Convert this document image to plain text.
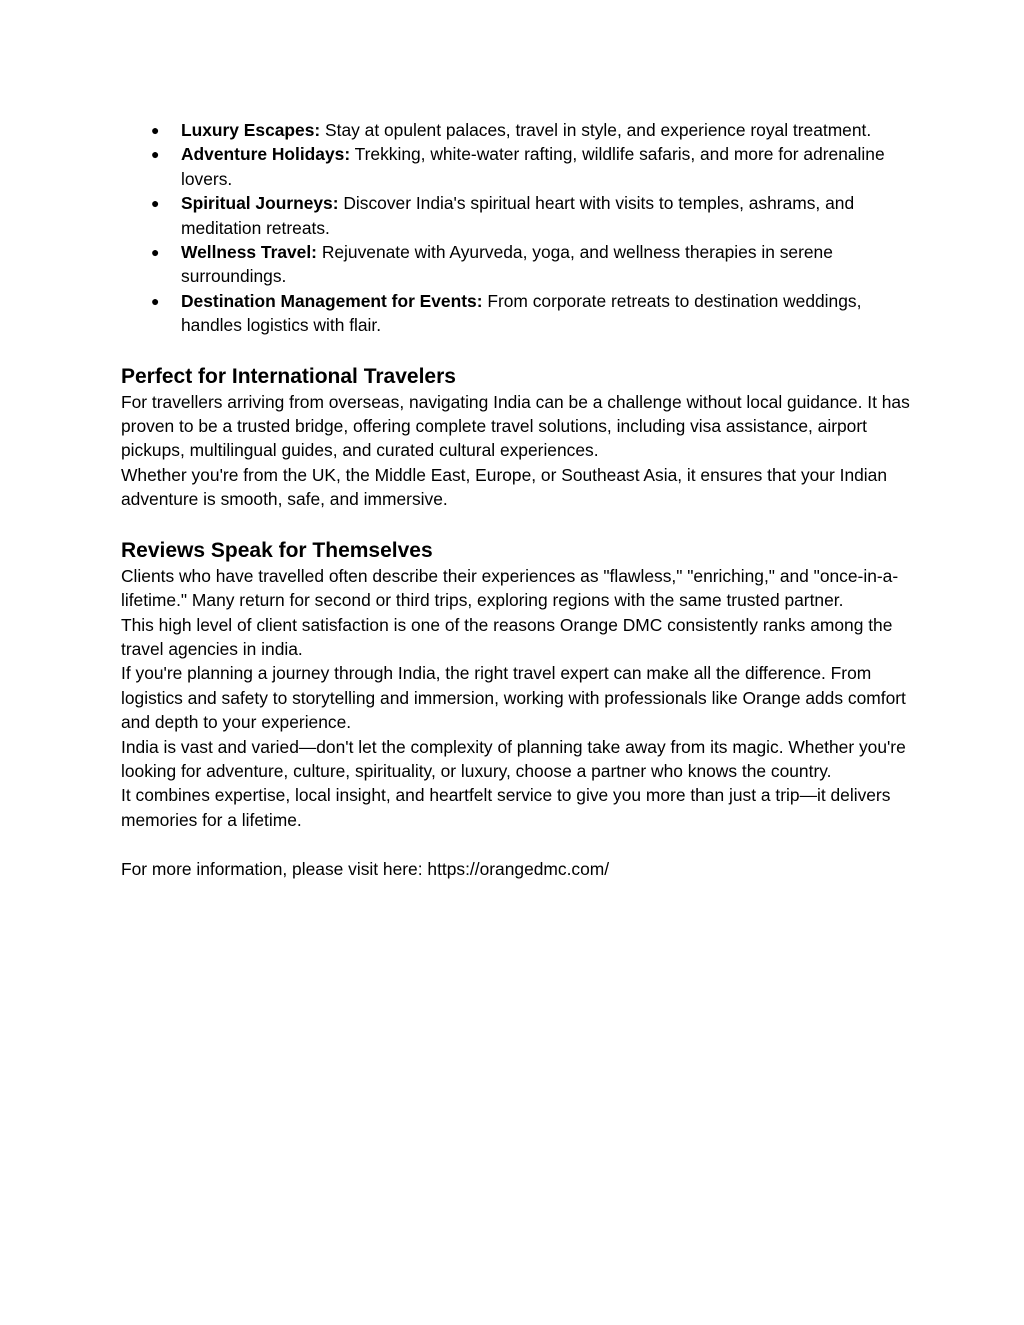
● Luxury Escapes: Stay at opulent palaces, travel in style, and experience royal treatment.
● Adventure Holidays: Trekking, white-water rafting, wildlife safaris, and more for adrenaline lovers.
● Spiritual Journeys: Discover India's spiritual heart with visits to temples, ashrams, and meditation retreats.
● Wellness Travel: Rejuvenate with Ayurveda, yoga, and wellness therapies in serene surroundings.
● Destination Management for Events: From corporate retreats to destination weddings, handles logistics with flair.
Perfect for International Travelers

For travellers arriving from overseas, navigating India can be a challenge without local guidance. It has proven to be a trusted bridge, offering complete travel solutions, including visa assistance, airport pickups, multilingual guides, and curated cultural experiences.

Whether you're from the UK, the Middle East, Europe, or Southeast Asia, it ensures that your Indian adventure is smooth, safe, and immersive.

Reviews Speak for Themselves

Clients who have travelled often describe their experiences as "flawless," "enriching," and "once-in-a-lifetime." Many return for second or third trips, exploring regions with the same trusted partner.

This high level of client satisfaction is one of the reasons Orange DMC consistently ranks among the travel agencies in india.

If you're planning a journey through India, the right travel expert can make all the difference. From logistics and safety to storytelling and immersion, working with professionals like Orange adds comfort and depth to your experience.

India is vast and varied—don't let the complexity of planning take away from its magic. Whether you're looking for adventure, culture, spirituality, or luxury, choose a partner who knows the country.

It combines expertise, local insight, and heartfelt service to give you more than just a trip—it delivers memories for a lifetime.

For more information, please visit here: https://orangedmc.com/
